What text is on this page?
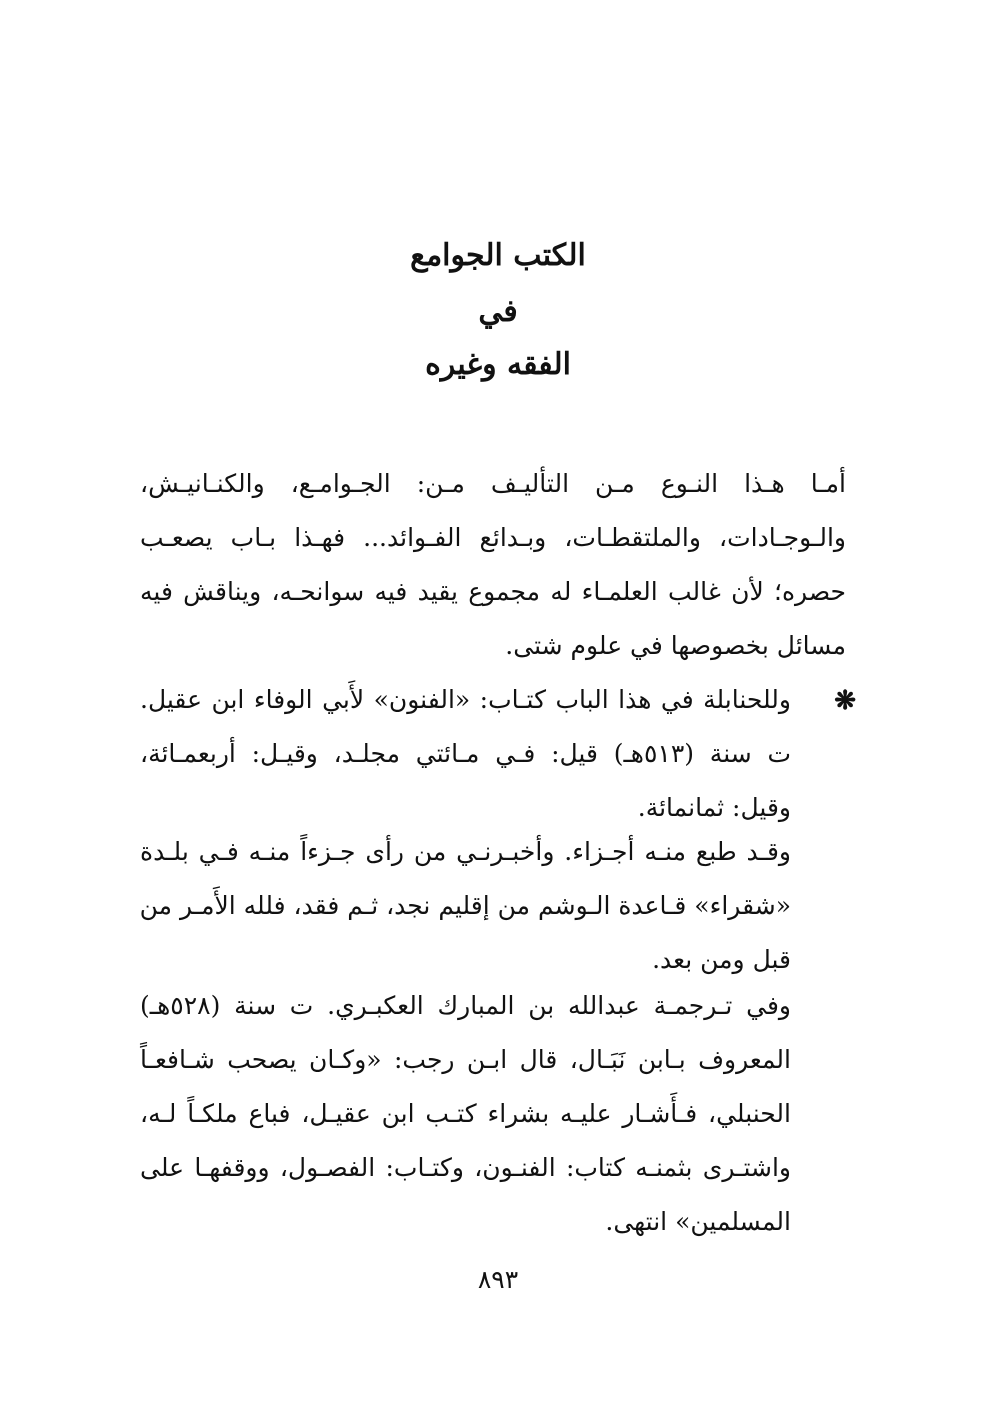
الكتب الجوامع
في
الفقه وغيره
أمـا هـذا النـوع مـن التأليـف مـن: الجـوامـع، والكنـانيـش،
والـوجـادات، والملتقطـات، وبـدائع الفـوائد... فهـذا بـاب يصعـب
حصره؛ لأن غالب العلمـاء له مجموع يقيد فيه سوانحـه، ويناقش فيه
مسائل بخصوصها في علوم شتى.
❋
وللحنابلة في هذا الباب كتـاب: «الفنون» لأَبي الوفاء ابن عقيل.
ت سنة (٥١٣هـ) قيل: فـي مـائتي مجلـد، وقيـل: أربعمـائة،
وقيل: ثمانمائة.
وقـد طبع منـه أجـزاء. وأخبـرنـي من رأى جـزءاً منـه فـي بلـدة
«شقراء» قـاعدة الـوشم من إقليم نجد، ثـم فقد، فلله الأَمـر من
قبل ومن بعد.
وفي تـرجمـة عبدالله بن المبارك العكبـري. ت سنة (٥٢٨هـ)
المعروف بـابن نَبَـال، قال ابـن رجب: «وكـان يصحب شـافعـاً
الحنبلي، فـأَشـار عليـه بشراء كتـب ابن عقيـل، فباع ملكـاً لـه،
واشتـرى بثمنـه كتاب: الفنـون، وكتـاب: الفصـول، ووقفهـا على
المسلمين» انتهى.
٨٩٣
